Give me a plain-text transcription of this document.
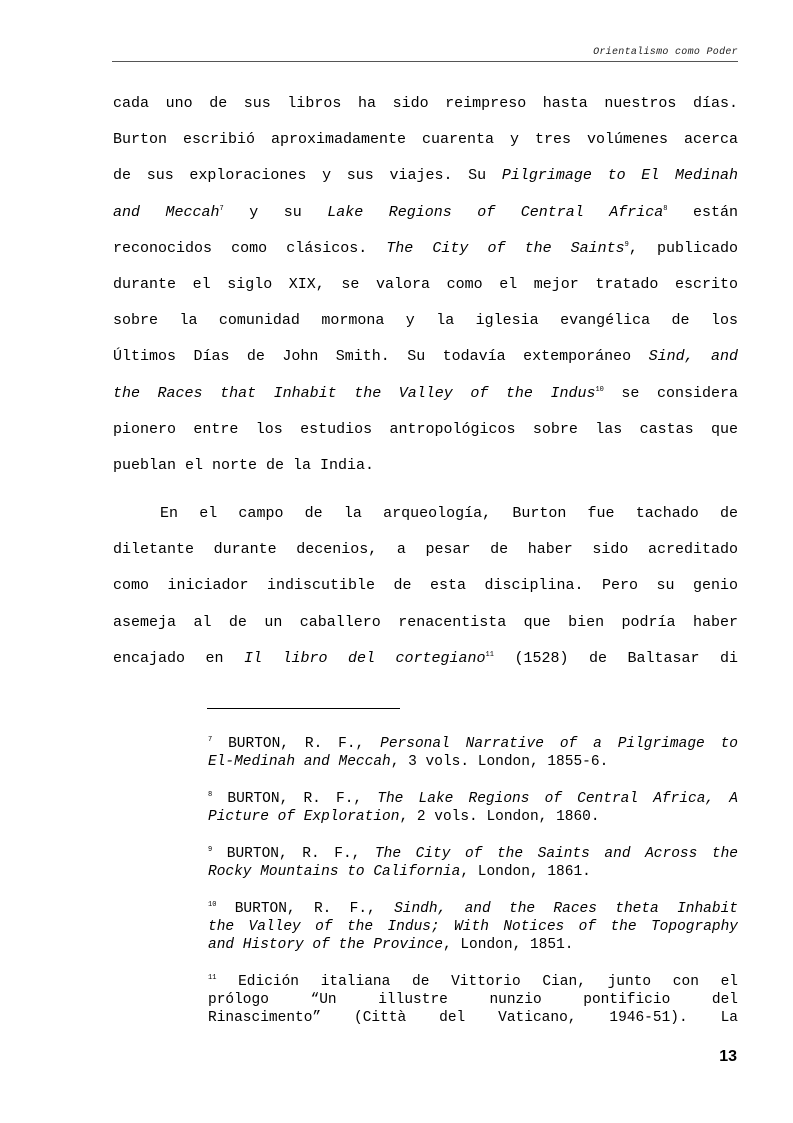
Orientalismo como Poder
cada uno de sus libros ha sido reimpreso hasta nuestros días.
Burton escribió aproximadamente cuarenta y tres volúmenes acerca
de sus exploraciones y sus viajes. Su Pilgrimage to El Medinah
and Meccah$^7$ y su Lake Regions of Central Africa$^8$ están
reconocidos como clásicos. The City of the Saints$^9$, publicado
durante el siglo XIX, se valora como el mejor tratado escrito
sobre la comunidad mormona y la iglesia evangélica de los
Últimos Días de John Smith. Su todavía extemporáneo Sind, and
the Races that Inhabit the Valley of the Indus$^{10}$ se considera
pionero entre los estudios antropológicos sobre las castas que
pueblan el norte de la India.
En el campo de la arqueología, Burton fue tachado de
diletante durante decenios, a pesar de haber sido acreditado
como iniciador indiscutible de esta disciplina. Pero su genio
asemeja al de un caballero renacentista que bien podría haber
encajado en Il libro del cortegiano$^{11}$ (1528) de Baltasar di
$^7$ BURTON, R. F., Personal Narrative of a Pilgrimage to
El-Medinah and Meccah, 3 vols. London, 1855-6.
$^8$ BURTON, R. F., The Lake Regions of Central Africa, A
Picture of Exploration, 2 vols. London, 1860.
$^9$ BURTON, R. F., The City of the Saints and Across the
Rocky Mountains to California, London, 1861.
$^{10}$ BURTON, R. F., Sindh, and the Races theta Inhabit
the Valley of the Indus; With Notices of the Topography
and History of the Province, London, 1851.
$^{11}$ Edición italiana de Vittorio Cian, junto con el
prólogo “Un illustre nunzio pontificio del
Rinascimento” (Città del Vaticano, 1946-51). La
13
